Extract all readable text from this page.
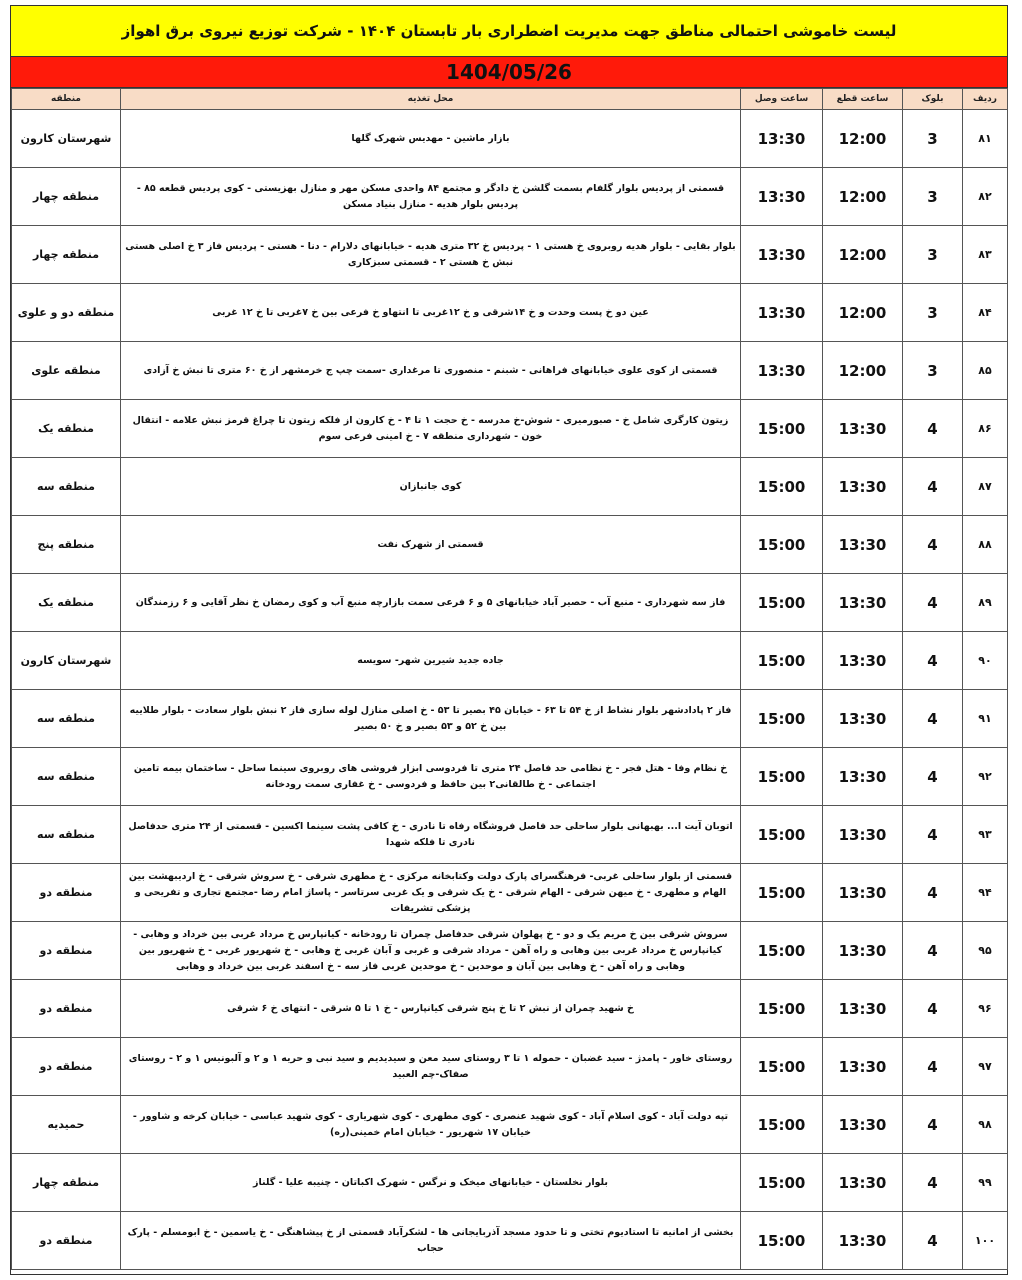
لیست خاموشی احتمالی مناطق جهت مدیریت اضطراری بار تابستان ۱۴۰۴ - شرکت توزیع نیروی برق اهواز
1404/05/26
ردیف	بلوک	ساعت قطع	ساعت وصل	محل تغذیه	منطقه
۸۱	3	12:00	13:30	بازار ماشین - مهدیس شهرک گلها	شهرستان کارون
۸۲	3	12:00	13:30	قسمتی از پردیس بلوار گلفام بسمت گلشن خ دادگر و مجتمع ۸۴ واحدی مسکن مهر و منازل بهزیستی - کوی پردیس قطعه ۸۵ - پردیس بلوار هدیه - منازل بنیاد مسکن	منطقه چهار
۸۳	3	12:00	13:30	بلوار بقایی - بلوار هدیه روبروی خ هستی ۱ - پردیس خ ۳۲ متری هدیه - خیابانهای دلارام - دنا - هستی - پردیس فاز ۳ خ اصلی هستی نبش خ هستی ۲ - قسمتی سبزکاری	منطقه چهار
۸۴	3	12:00	13:30	عین دو خ پست وحدت و خ ۱۴شرقی و خ ۱۲غربی تا انتهاو خ فرعی بین خ ۷غربی تا خ ۱۲ غربی	منطقه دو و علوی
۸۵	3	12:00	13:30	قسمتی از کوی علوی خیابانهای فراهانی - شبنم - منصوری تا مرغداری -سمت چپ ج خرمشهر از خ ۶۰ متری تا نبش خ آزادی	منطقه علوی
۸۶	4	13:30	15:00	زیتون کارگری شامل خ - صبورمیری - شوش-خ مدرسه - خ حجت ۱ تا ۴ - خ کارون از فلکه زیتون تا چراغ قرمز نبش علامه - انتقال خون - شهرداری منطقه ۷ - خ امینی فرعی سوم	منطقه یک
۸۷	4	13:30	15:00	کوی جانبازان	منطقه سه
۸۸	4	13:30	15:00	قسمتی از شهرک نفت	منطقه پنج
۸۹	4	13:30	15:00	فاز سه شهرداری - منبع آب - حصیر آباد خیابانهای ۵ و ۶ فرعی سمت بازارچه منبع آب و کوی رمضان خ نظر آقایی و ۶ رزمندگان	منطقه یک
۹۰	4	13:30	15:00	جاده جدید شیرین شهر- سویسه	شهرستان کارون
۹۱	4	13:30	15:00	فاز ۲ پادادشهر بلوار نشاط از خ ۵۴ تا ۶۳ - خیابان ۴۵ بصیر تا ۵۳ - خ اصلی منازل لوله سازی فاز ۲ نبش بلوار سعادت - بلوار طلاییه بین خ ۵۲ و ۵۳ بصیر و خ ۵۰ بصیر	منطقه سه
۹۲	4	13:30	15:00	خ نظام وفا - هتل فجر - خ نظامی حد فاصل ۲۴ متری تا فردوسی ابزار فروشی های روبروی سینما ساحل - ساختمان بیمه تامین اجتماعی - خ طالقانی۲ بین حافظ و فردوسی - خ غفاری سمت رودخانه	منطقه سه
۹۳	4	13:30	15:00	اتوبان آیت ا... بهبهانی بلوار ساحلی حد فاصل فروشگاه رفاه تا نادری - خ کافی پشت سینما اکسین - قسمتی از ۲۴ متری حدفاصل نادری تا فلکه شهدا	منطقه سه
۹۴	4	13:30	15:00	قسمتی از بلوار ساحلی غربی- فرهنگسرای پارک دولت وکتابخانه مرکزی - خ مطهری شرقی - خ سروش شرقی - خ اردیبهشت بین الهام و مطهری - خ میهن شرقی - الهام شرقی - خ یک شرقی و یک غربی سرتاسر - پاساژ امام رضا -مجتمع تجاری و تفریحی و پزشکی تشریفات	منطقه دو
۹۵	4	13:30	15:00	سروش شرقی بین خ مریم یک و دو - خ پهلوان شرقی حدفاصل چمران تا رودخانه - کیانپارس خ مرداد غربی بین خرداد و وهابی - کیانپارس خ مرداد غربی بین وهابی و راه آهن - مرداد شرقی و غربی و آبان غربی خ وهابی - خ شهریور غربی - خ شهریور بین وهابی و راه آهن - خ وهابی بین آبان و موحدین - خ موحدین غربی فاز سه - خ اسفند غربی بین خرداد و وهابی	منطقه دو
۹۶	4	13:30	15:00	خ شهید چمران از نبش ۲ تا خ پنج شرقی کیانپارس - خ ۱ تا ۵ شرقی - انتهای خ ۶ شرقی	منطقه دو
۹۷	4	13:30	15:00	روستای خاور - پامدژ - سید غضبان - حموله ۱ تا ۳ روستای سید معن و سیدیدیم و سید نبی و حریه ۱ و ۲ و آلبونیس ۱ و ۲ - روستای صفاک-چم العبید	منطقه دو
۹۸	4	13:30	15:00	تپه دولت آباد - کوی اسلام آباد - کوی شهید عنصری - کوی مطهری - کوی شهریاری - کوی شهید عباسی - خیابان کرخه و شاوور - خیابان ۱۷ شهریور - خیابان امام خمینی(ره)	حمیدیه
۹۹	4	13:30	15:00	بلوار نخلستان - خیابانهای میخک و نرگس - شهرک اکباتان - چنیبه علیا - گلناز	منطقه چهار
۱۰۰	4	13:30	15:00	بخشی از امانیه تا استادیوم تختی و تا حدود مسجد آذربایجانی ها - لشکرآباد قسمتی از خ پیشاهنگی - خ یاسمین - خ ابومسلم - پارک حجاب	منطقه دو
